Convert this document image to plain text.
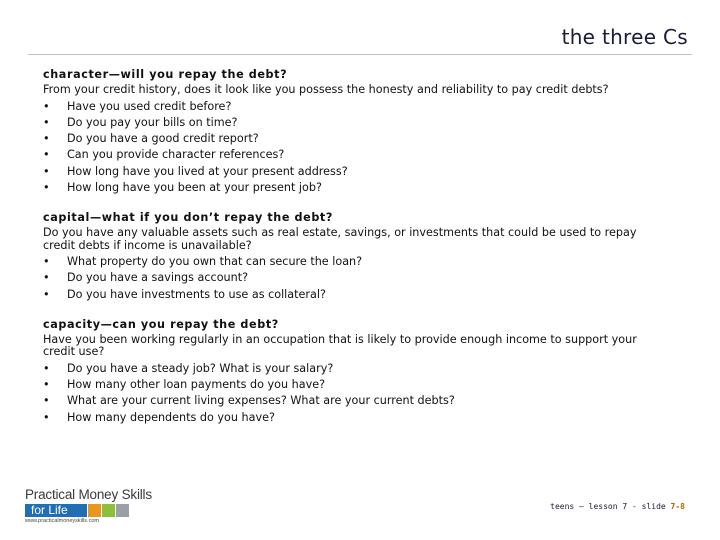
the three Cs
character—will you repay the debt?
From your credit history, does it look like you possess the honesty and reliability to pay credit debts?
•	Have you used credit before?
•	Do you pay your bills on time?
•	Do you have a good credit report?
•	Can you provide character references?
•	How long have you lived at your present address?
•	How long have you been at your present job?
capital—what if you don’t repay the debt?
Do you have any valuable assets such as real estate, savings, or investments that could be used to repay credit debts if income is unavailable?
•	What property do you own that can secure the loan?
•	Do you have a savings account?
•	Do you have investments to use as collateral?
capacity—can you repay the debt?
Have you been working regularly in an occupation that is likely to provide enough income to support your credit use?
•	Do you have a steady job? What is your salary?
•	How many other loan payments do you have?
•	What are your current living expenses? What are your current debts?
•	How many dependents do you have?
Practical Money Skills
for Life
www.practicalmoneyskills.com
teens – lesson 7 - slide 7-8
